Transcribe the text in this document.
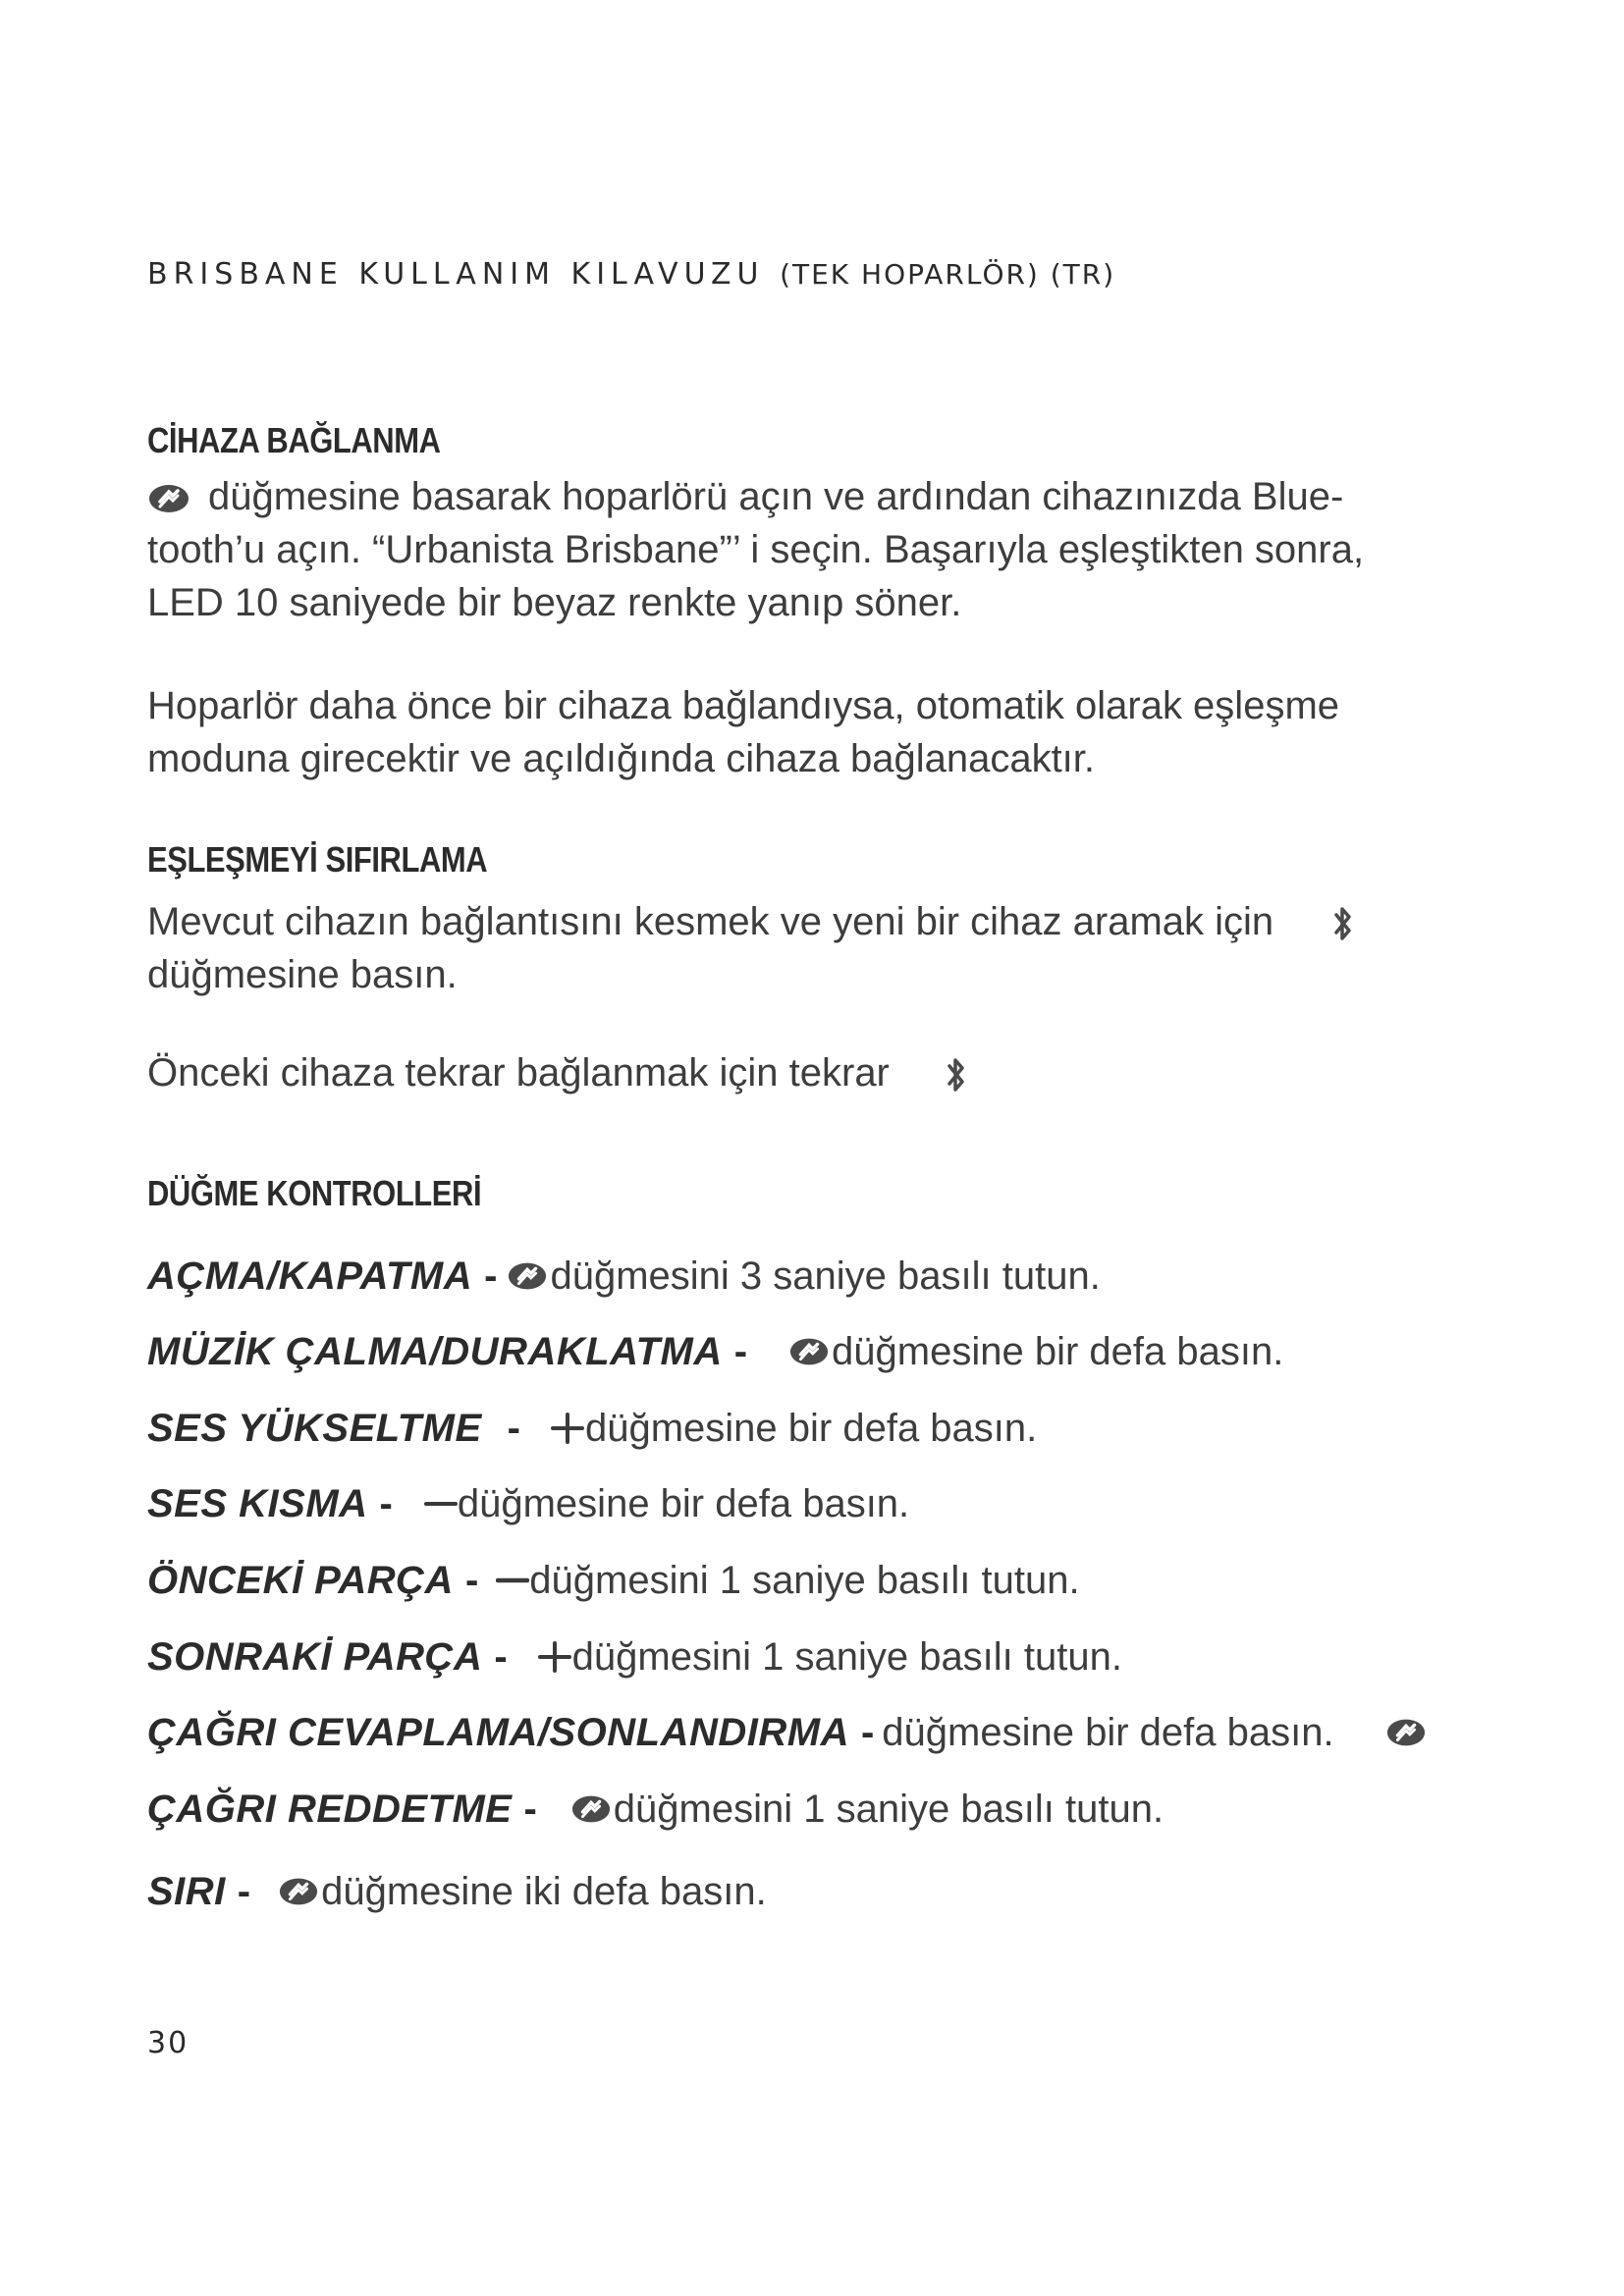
BRISBANE KULLANIM KILAVUZU (TEK HOPARLÖR) (TR)
CİHAZA BAĞLANMA

düğmesine basarak hoparlörü açın ve ardından cihazınızda Blue-
tooth’u açın. “Urbanista Brisbane”’ i seçin. Başarıyla eşleştikten sonra,
LED 10 saniyede bir beyaz renkte yanıp söner.

Hoparlör daha önce bir cihaza bağlandıysa, otomatik olarak eşleşme
moduna girecektir ve açıldığında cihaza bağlanacaktır.

EŞLEŞMEYİ SIFIRLAMA

Mevcut cihazın bağlantısını kesmek ve yeni bir cihaz aramak için
düğmesine basın.

Önceki cihaza tekrar bağlanmak için tekrar

DÜĞME KONTROLLERİ
AÇMA/KAPATMA - düğmesini 3 saniye basılı tutun.
MÜZİK ÇALMA/DURAKLATMA - düğmesine bir defa basın.
SES YÜKSELTME - düğmesine bir defa basın.
SES KISMA - düğmesine bir defa basın.
ÖNCEKİ PARÇA - düğmesini 1 saniye basılı tutun.
SONRAKİ PARÇA - düğmesini 1 saniye basılı tutun.
ÇAĞRI CEVAPLAMA/SONLANDIRMA - düğmesine bir defa basın.
ÇAĞRI REDDETME - düğmesini 1 saniye basılı tutun.
SIRI - düğmesine iki defa basın.
30
